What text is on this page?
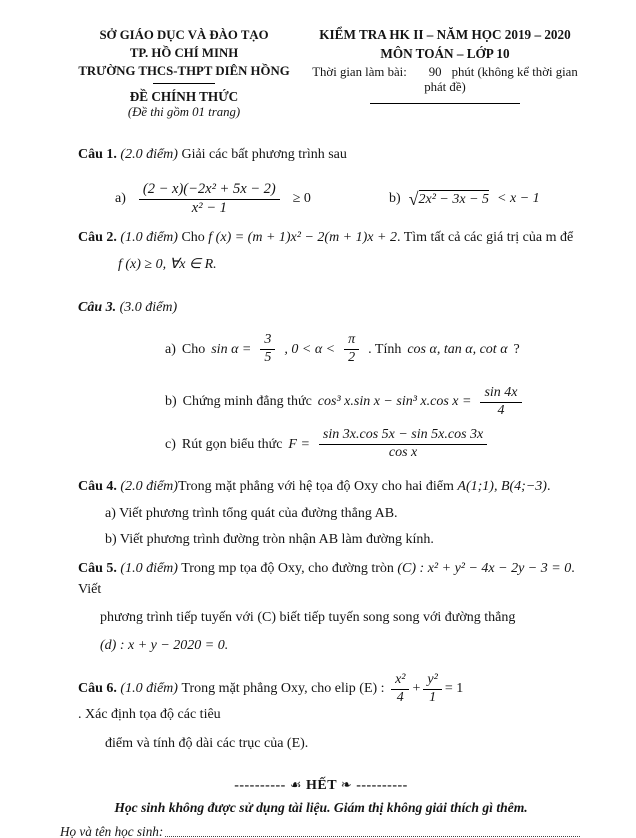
SỞ GIÁO DỤC VÀ ĐÀO TẠO
TP. HỒ CHÍ MINH
TRƯỜNG THCS-THPT DIÊN HỒNG
ĐỀ CHÍNH THỨC
(Đề thi gồm 01 trang)
KIỂM TRA HK II – NĂM HỌC 2019 – 2020
MÔN TOÁN – LỚP 10
Thời gian làm bài: 90 phút (không kể thời gian phát đề)
Câu 1. (2.0 điểm) Giải các bất phương trình sau
$a) \frac{\text{(2 − x)(−2x² + 5x − 2)}}{\text{x² − 1}} \ge 0$	b) √2x² − 3x − 5 < x − 1
Câu 2. (1.0 điểm) Cho f (x) = (m + 1)x² − 2(m + 1)x + 2. Tìm tất cả các giá trị của m để
f (x) ≥ 0, ∀x ∈ R.
Câu 3. (3.0 điểm)
a) Cho $\sin \alpha = \frac{3}{5}$ , $0 < \alpha < \frac{\pi}{2}$ . Tính cos α, tan α, cot α ?
b) Chứng minh đẳng thức cos³ x.sin x − sin³ x.cos $x = \frac{\sin 4x}{4}$
c) Rút gọn biểu thức $F = \frac{\sin 3x.\cos 5x - \sin 5x.\cos 3x}{\text{cos x}}$
Câu 4. (2.0 điểm)Trong mặt phẳng với hệ tọa độ Oxy cho hai điểm A(1;1), B(4;−3).
a) Viết phương trình tổng quát của đường thẳng AB.
b) Viết phương trình đường tròn nhận AB làm đường kính.
Câu 5. (1.0 điểm) Trong mp tọa độ Oxy, cho đường tròn (C) : x² + y² − 4x − 2y − 3 = 0. Viết
phương trình tiếp tuyến với (C) biết tiếp tuyến song song với đường thẳng
(d) : x + y − 2020 = 0.
Câu 6.
(1.0 điểm)
Trong mặt phẳng Oxy, cho elip (E) :
$\frac{\text{x²}}{4} + \frac{\text{y²}}{1} = 1$
. Xác định tọa độ các tiêu
điểm và tính độ dài các trục của (E).
---------- ☙ HẾT ❧ ----------
Học sinh không được sử dụng tài liệu. Giám thị không giải thích gì thêm.
Họ và tên học sinh:
